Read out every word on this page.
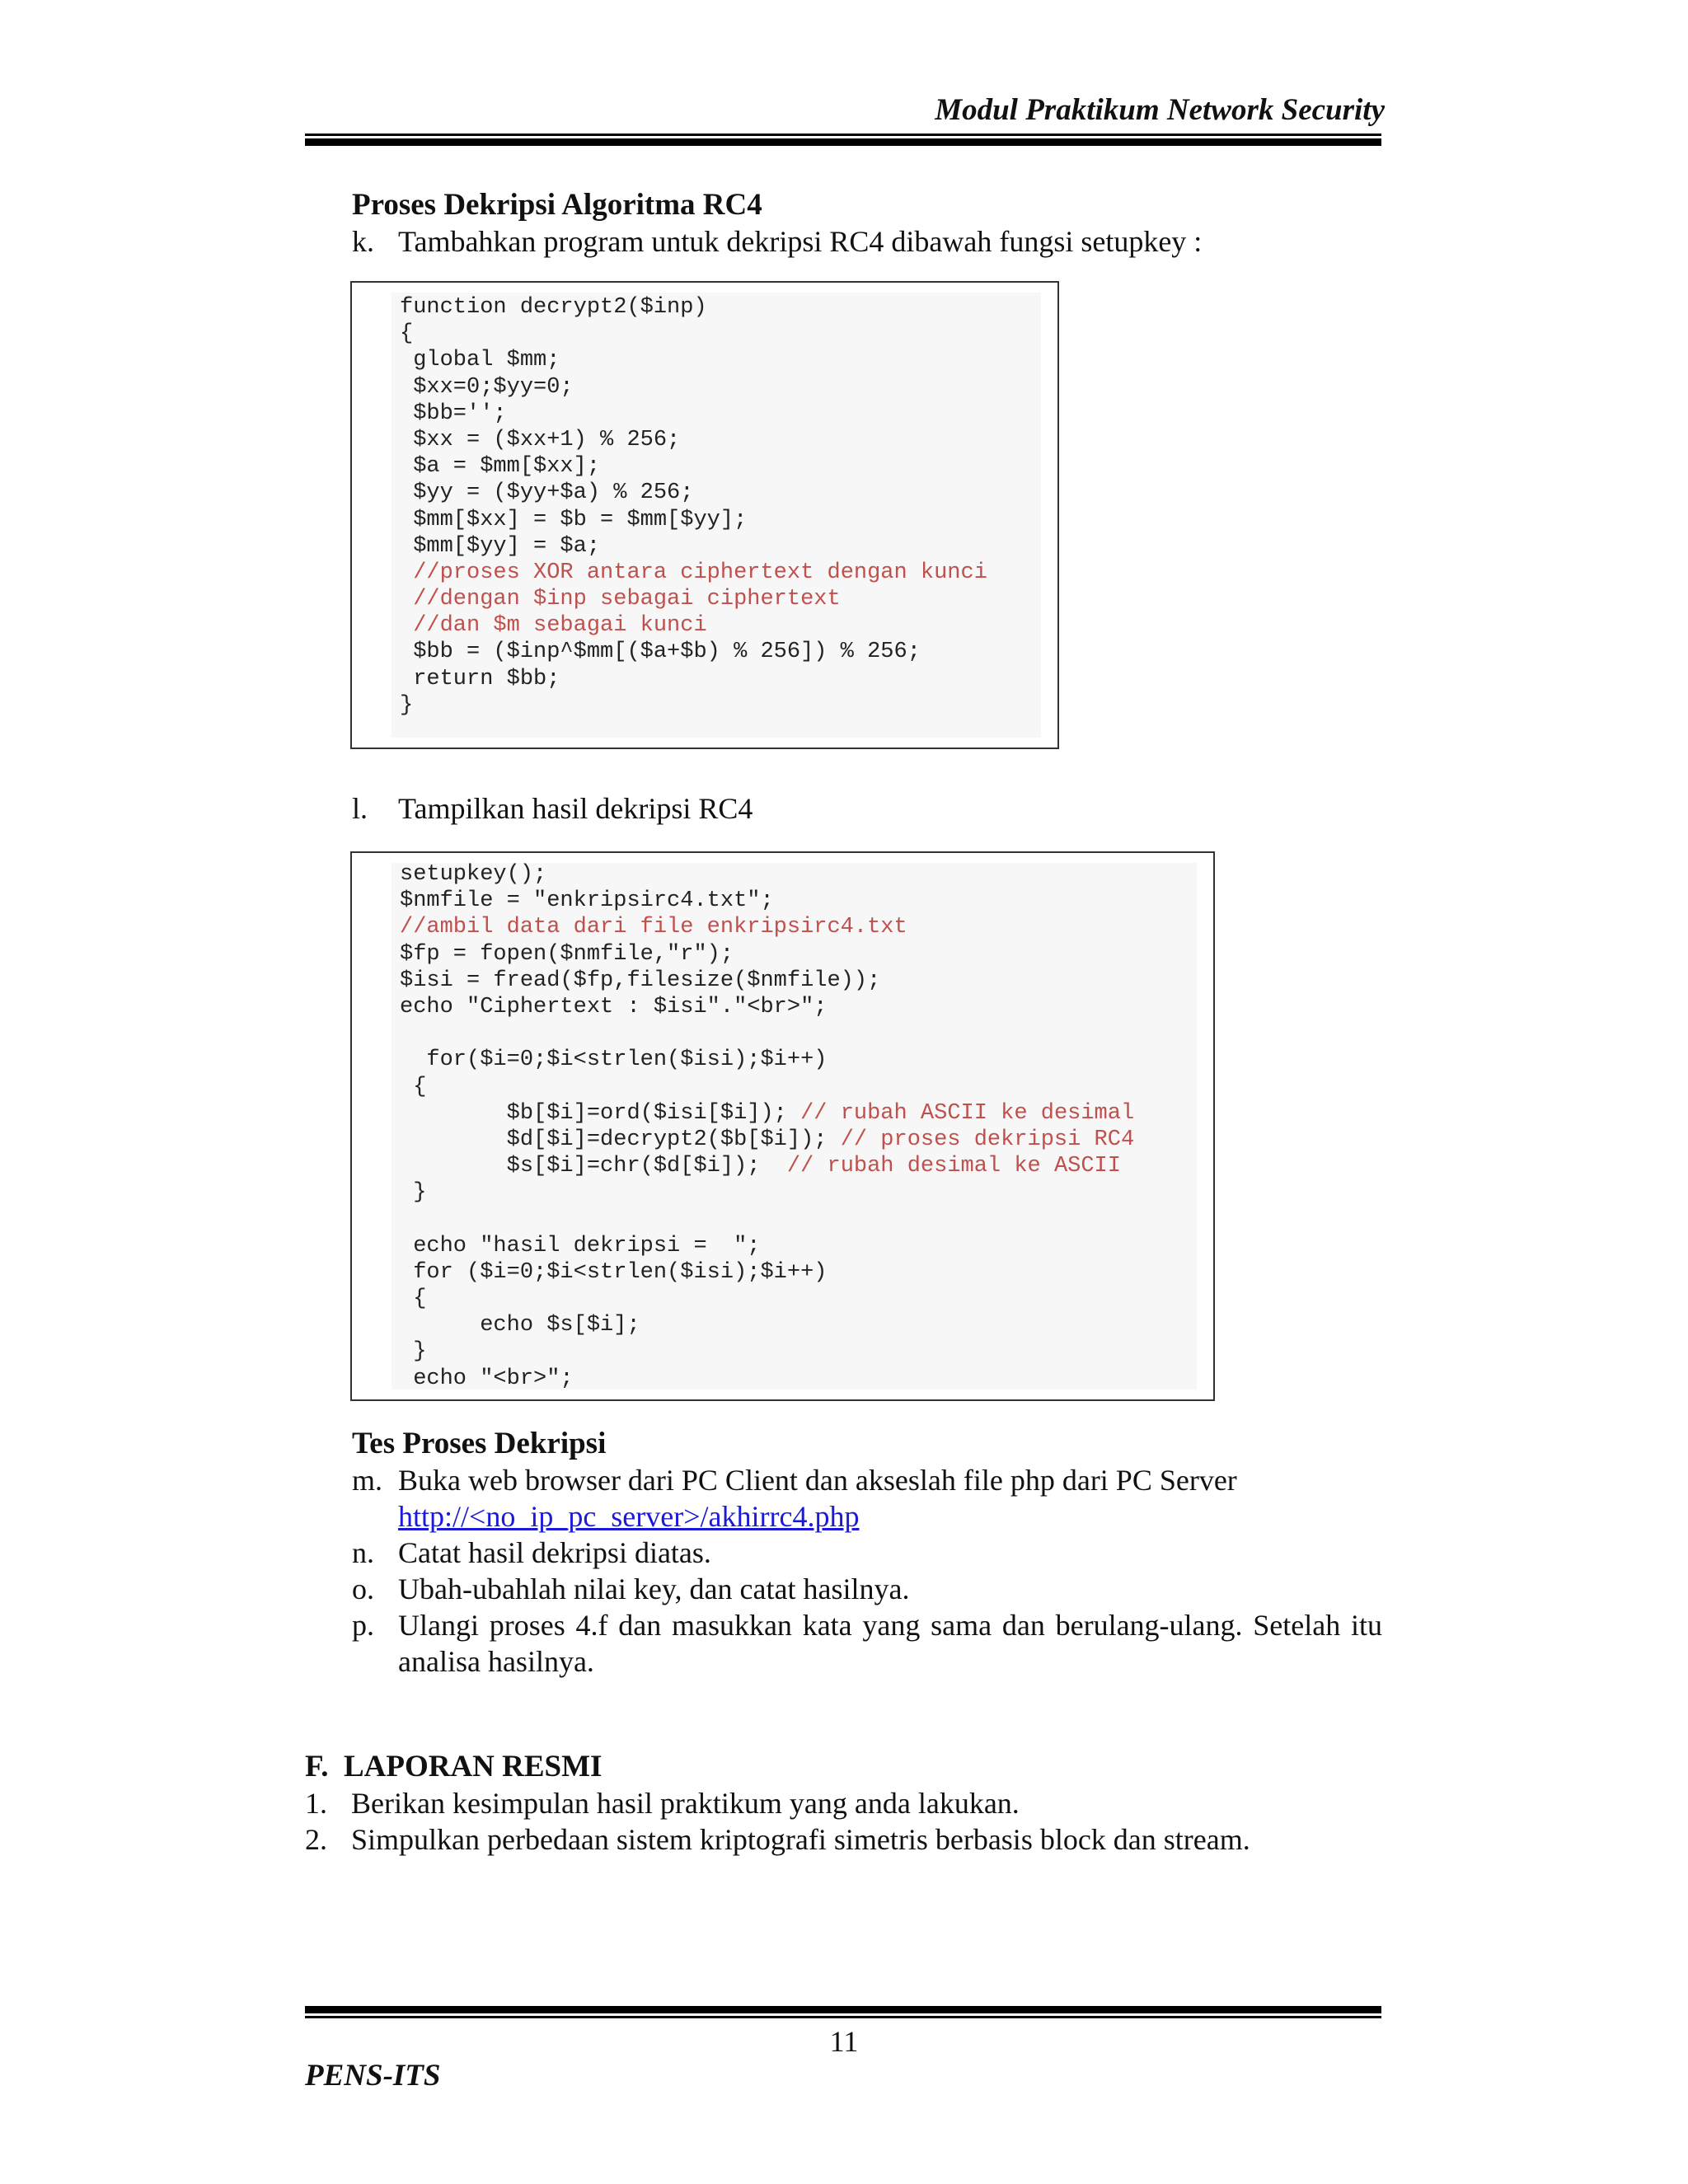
Modul Praktikum Network Security
Proses Dekripsi Algoritma RC4
k. Tambahkan program untuk dekripsi RC4 dibawah fungsi setupkey :
function decrypt2($inp)
{
global $mm;
$xx=0;$yy=0;
$bb='';
$xx = ($xx+1) % 256;
$a = $mm[$xx];
$yy = ($yy+$a) % 256;
$mm[$xx] = $b = $mm[$yy];
$mm[$yy] = $a;
//proses XOR antara ciphertext dengan kunci
//dengan $inp sebagai ciphertext
//dan $m sebagai kunci
$bb = ($inp^$mm[($a+$b) % 256]) % 256;
return $bb;
}
l. Tampilkan hasil dekripsi RC4
setupkey();
$nmfile = "enkripsirc4.txt";
//ambil data dari file enkripsirc4.txt
$fp = fopen($nmfile,"r");
$isi = fread($fp,filesize($nmfile));
echo "Ciphertext : $isi"."<br>";

for($i=0;$i<strlen($isi);$i++)
{
$b[$i]=ord($isi[$i]); // rubah ASCII ke desimal
$d[$i]=decrypt2($b[$i]); // proses dekripsi RC4
$s[$i]=chr($d[$i]);  // rubah desimal ke ASCII
}

echo "hasil dekripsi =  ";
for ($i=0;$i<strlen($isi);$i++)
{
echo $s[$i];
}
echo "<br>";
Tes Proses Dekripsi
m. Buka web browser dari PC Client dan akseslah file php dari PC Server
http://<no_ip_pc_server>/akhirrc4.php
n. Catat hasil dekripsi diatas.
o. Ubah-ubahlah nilai key, dan catat hasilnya.
p. Ulangi proses 4.f dan masukkan kata yang sama dan berulang-ulang. Setelah itu analisa hasilnya.
F.  LAPORAN RESMI
1. Berikan kesimpulan hasil praktikum yang anda lakukan.
2. Simpulkan perbedaan sistem kriptografi simetris berbasis block dan stream.
11
PENS-ITS
